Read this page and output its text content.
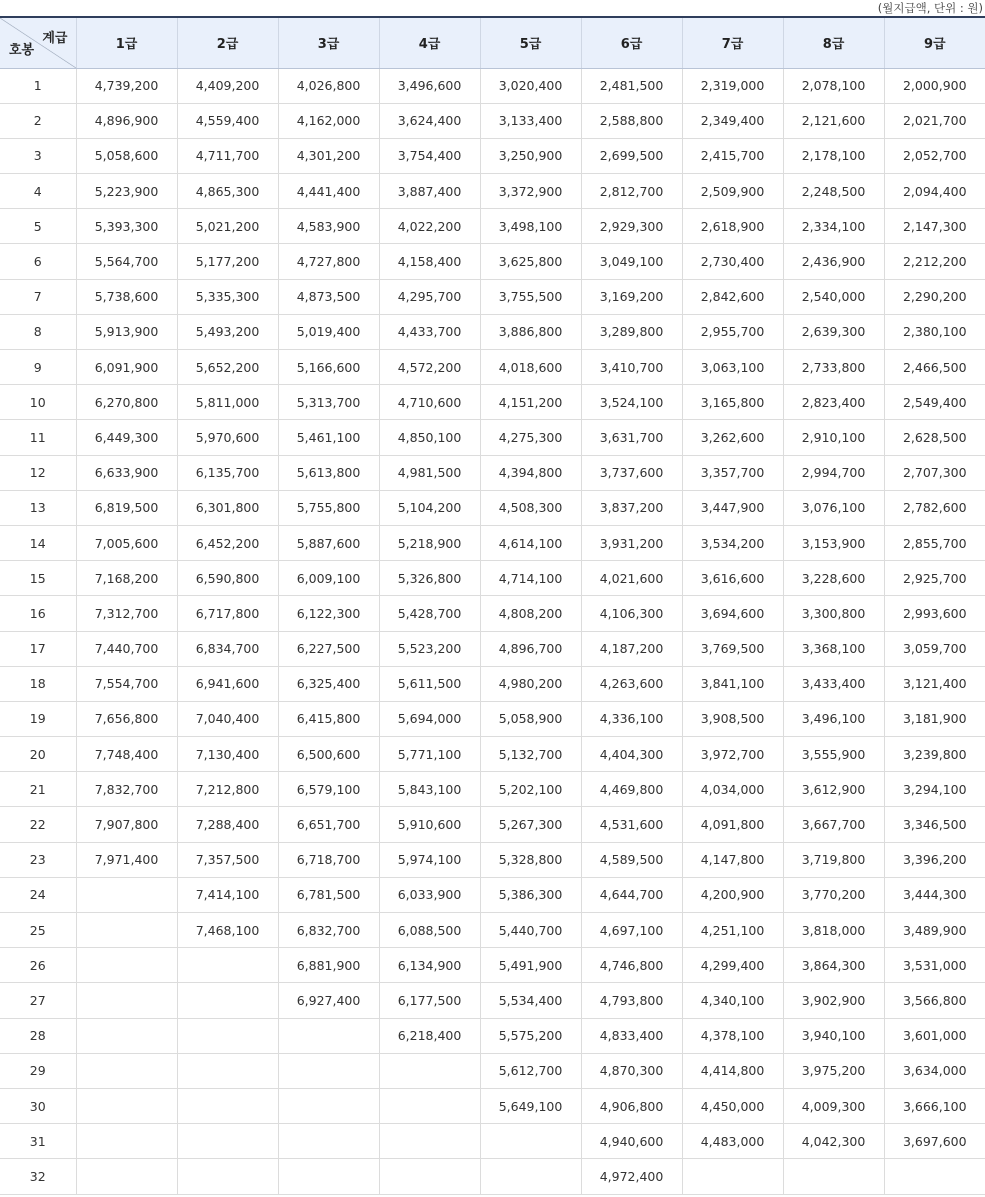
(월지급액, 단위 : 원)
계급
호봉	1급	2급	3급	4급	5급	6급	7급	8급	9급
1	4,739,200	4,409,200	4,026,800	3,496,600	3,020,400	2,481,500	2,319,000	2,078,100	2,000,900
2	4,896,900	4,559,400	4,162,000	3,624,400	3,133,400	2,588,800	2,349,400	2,121,600	2,021,700
3	5,058,600	4,711,700	4,301,200	3,754,400	3,250,900	2,699,500	2,415,700	2,178,100	2,052,700
4	5,223,900	4,865,300	4,441,400	3,887,400	3,372,900	2,812,700	2,509,900	2,248,500	2,094,400
5	5,393,300	5,021,200	4,583,900	4,022,200	3,498,100	2,929,300	2,618,900	2,334,100	2,147,300
6	5,564,700	5,177,200	4,727,800	4,158,400	3,625,800	3,049,100	2,730,400	2,436,900	2,212,200
7	5,738,600	5,335,300	4,873,500	4,295,700	3,755,500	3,169,200	2,842,600	2,540,000	2,290,200
8	5,913,900	5,493,200	5,019,400	4,433,700	3,886,800	3,289,800	2,955,700	2,639,300	2,380,100
9	6,091,900	5,652,200	5,166,600	4,572,200	4,018,600	3,410,700	3,063,100	2,733,800	2,466,500
10	6,270,800	5,811,000	5,313,700	4,710,600	4,151,200	3,524,100	3,165,800	2,823,400	2,549,400
11	6,449,300	5,970,600	5,461,100	4,850,100	4,275,300	3,631,700	3,262,600	2,910,100	2,628,500
12	6,633,900	6,135,700	5,613,800	4,981,500	4,394,800	3,737,600	3,357,700	2,994,700	2,707,300
13	6,819,500	6,301,800	5,755,800	5,104,200	4,508,300	3,837,200	3,447,900	3,076,100	2,782,600
14	7,005,600	6,452,200	5,887,600	5,218,900	4,614,100	3,931,200	3,534,200	3,153,900	2,855,700
15	7,168,200	6,590,800	6,009,100	5,326,800	4,714,100	4,021,600	3,616,600	3,228,600	2,925,700
16	7,312,700	6,717,800	6,122,300	5,428,700	4,808,200	4,106,300	3,694,600	3,300,800	2,993,600
17	7,440,700	6,834,700	6,227,500	5,523,200	4,896,700	4,187,200	3,769,500	3,368,100	3,059,700
18	7,554,700	6,941,600	6,325,400	5,611,500	4,980,200	4,263,600	3,841,100	3,433,400	3,121,400
19	7,656,800	7,040,400	6,415,800	5,694,000	5,058,900	4,336,100	3,908,500	3,496,100	3,181,900
20	7,748,400	7,130,400	6,500,600	5,771,100	5,132,700	4,404,300	3,972,700	3,555,900	3,239,800
21	7,832,700	7,212,800	6,579,100	5,843,100	5,202,100	4,469,800	4,034,000	3,612,900	3,294,100
22	7,907,800	7,288,400	6,651,700	5,910,600	5,267,300	4,531,600	4,091,800	3,667,700	3,346,500
23	7,971,400	7,357,500	6,718,700	5,974,100	5,328,800	4,589,500	4,147,800	3,719,800	3,396,200
24		7,414,100	6,781,500	6,033,900	5,386,300	4,644,700	4,200,900	3,770,200	3,444,300
25		7,468,100	6,832,700	6,088,500	5,440,700	4,697,100	4,251,100	3,818,000	3,489,900
26			6,881,900	6,134,900	5,491,900	4,746,800	4,299,400	3,864,300	3,531,000
27			6,927,400	6,177,500	5,534,400	4,793,800	4,340,100	3,902,900	3,566,800
28				6,218,400	5,575,200	4,833,400	4,378,100	3,940,100	3,601,000
29					5,612,700	4,870,300	4,414,800	3,975,200	3,634,000
30					5,649,100	4,906,800	4,450,000	4,009,300	3,666,100
31						4,940,600	4,483,000	4,042,300	3,697,600
32						4,972,400			
